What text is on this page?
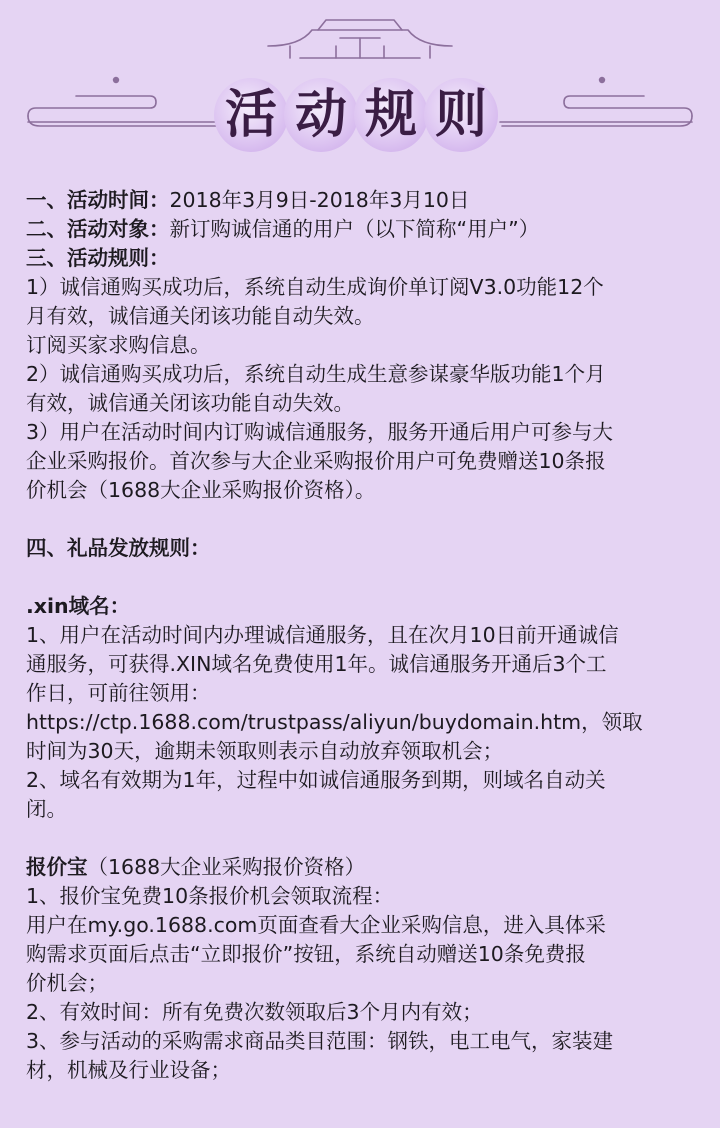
活 动 规 则

一、活动时间：2018年3月9日-2018年3月10日

二、活动对象：新订购诚信通的用户（以下简称“用户”）

三、活动规则：

1）诚信通购买成功后，系统自动生成询价单订阅V3.0功能12个

月有效，诚信通关闭该功能自动失效。

订阅买家求购信息。

2）诚信通购买成功后，系统自动生成生意参谋豪华版功能1个月

有效，诚信通关闭该功能自动失效。

3）用户在活动时间内订购诚信通服务，服务开通后用户可参与大

企业采购报价。首次参与大企业采购报价用户可免费赠送10条报

价机会（1688大企业采购报价资格）。

四、礼品发放规则：

.xin域名：

1、用户在活动时间内办理诚信通服务，且在次月10日前开通诚信

通服务，可获得.XIN域名免费使用1年。诚信通服务开通后3个工

作日，可前往领用：

https://ctp.1688.com/trustpass/aliyun/buydomain.htm，领取

时间为30天，逾期未领取则表示自动放弃领取机会；

2、域名有效期为1年，过程中如诚信通服务到期，则域名自动关

闭。

报价宝（1688大企业采购报价资格）

1、报价宝免费10条报价机会领取流程：

用户在my.go.1688.com页面查看大企业采购信息，进入具体采

购需求页面后点击“立即报价”按钮，系统自动赠送10条免费报

价机会；

2、有效时间：所有免费次数领取后3个月内有效；

3、参与活动的采购需求商品类目范围：钢铁，电工电气，家装建

材，机械及行业设备；
